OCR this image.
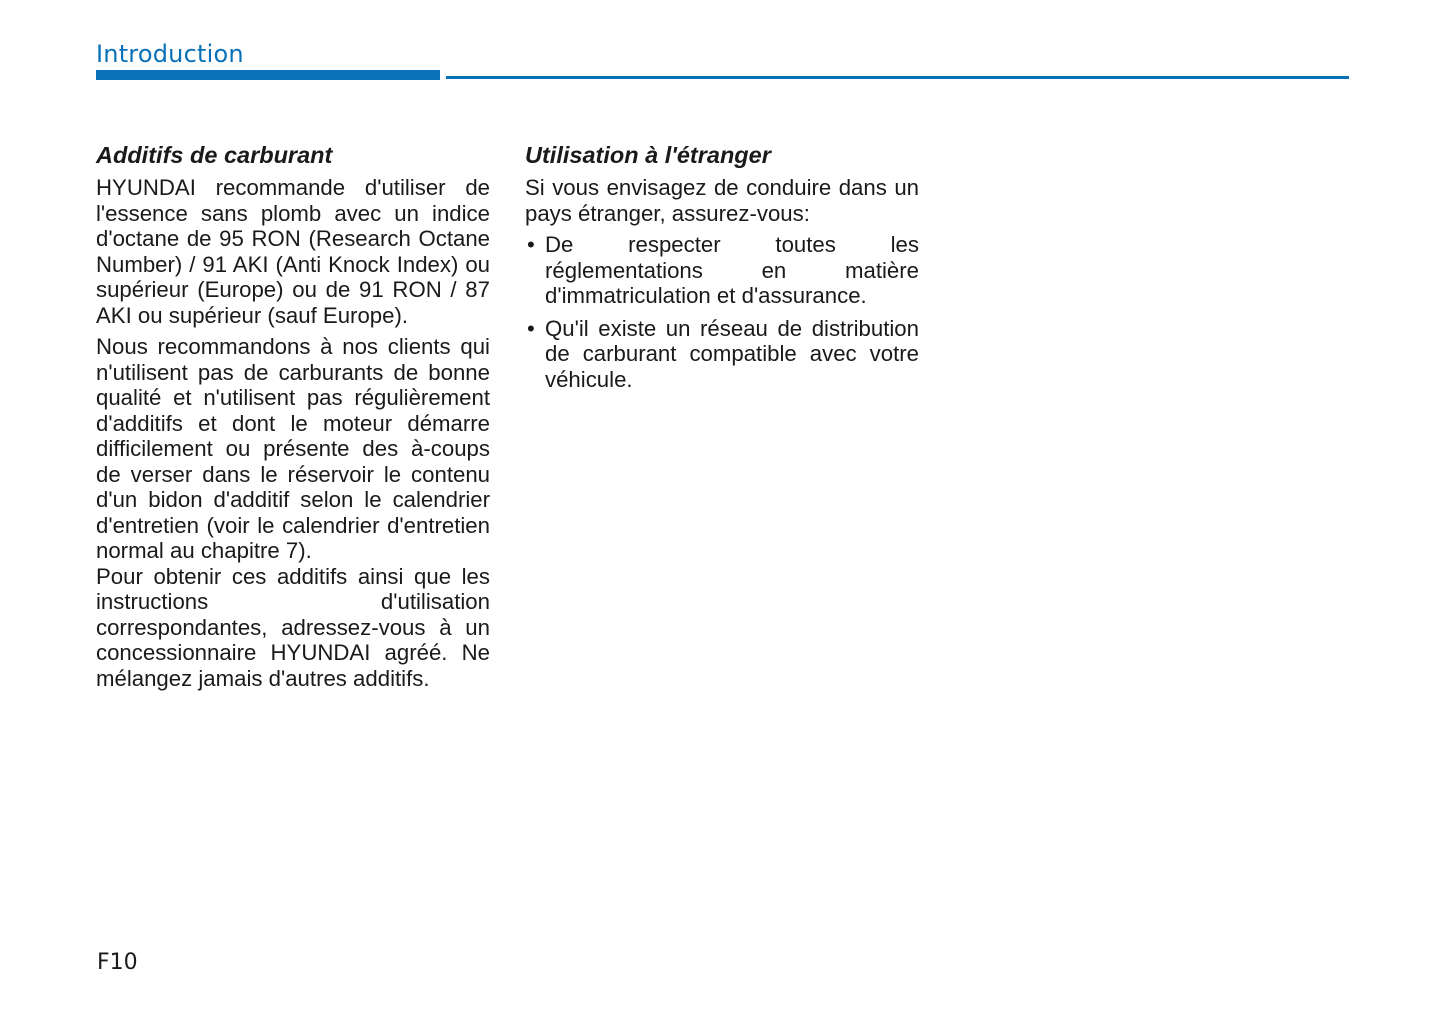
Introduction
Additifs de carburant

HYUNDAI recommande d'utiliser de l'essence sans plomb avec un indice d'octane de 95 RON (Research Octane Number) / 91 AKI (Anti Knock Index) ou supérieur (Europe) ou de 91 RON / 87 AKI ou supérieur (sauf Europe).

Nous recommandons à nos clients qui n'utilisent pas de carburants de bonne qualité et n'utilisent pas régulièrement d'additifs et dont le moteur démarre difficilement ou présente des à-coups de verser dans le réservoir le contenu d'un bidon d'additif selon le calendrier d'entretien (voir le calendrier d'entretien normal au chapitre 7).

Pour obtenir ces additifs ainsi que les instructions d'utilisation correspondantes, adressez-vous à un concessionnaire HYUNDAI agréé. Ne mélangez jamais d'autres additifs.

Utilisation à l'étranger

Si vous envisagez de conduire dans un pays étranger, assurez-vous:

• De respecter toutes les réglementations en matière d'immatriculation et d'assurance.
• Qu'il existe un réseau de distribution de carburant compatible avec votre véhicule.
F10
